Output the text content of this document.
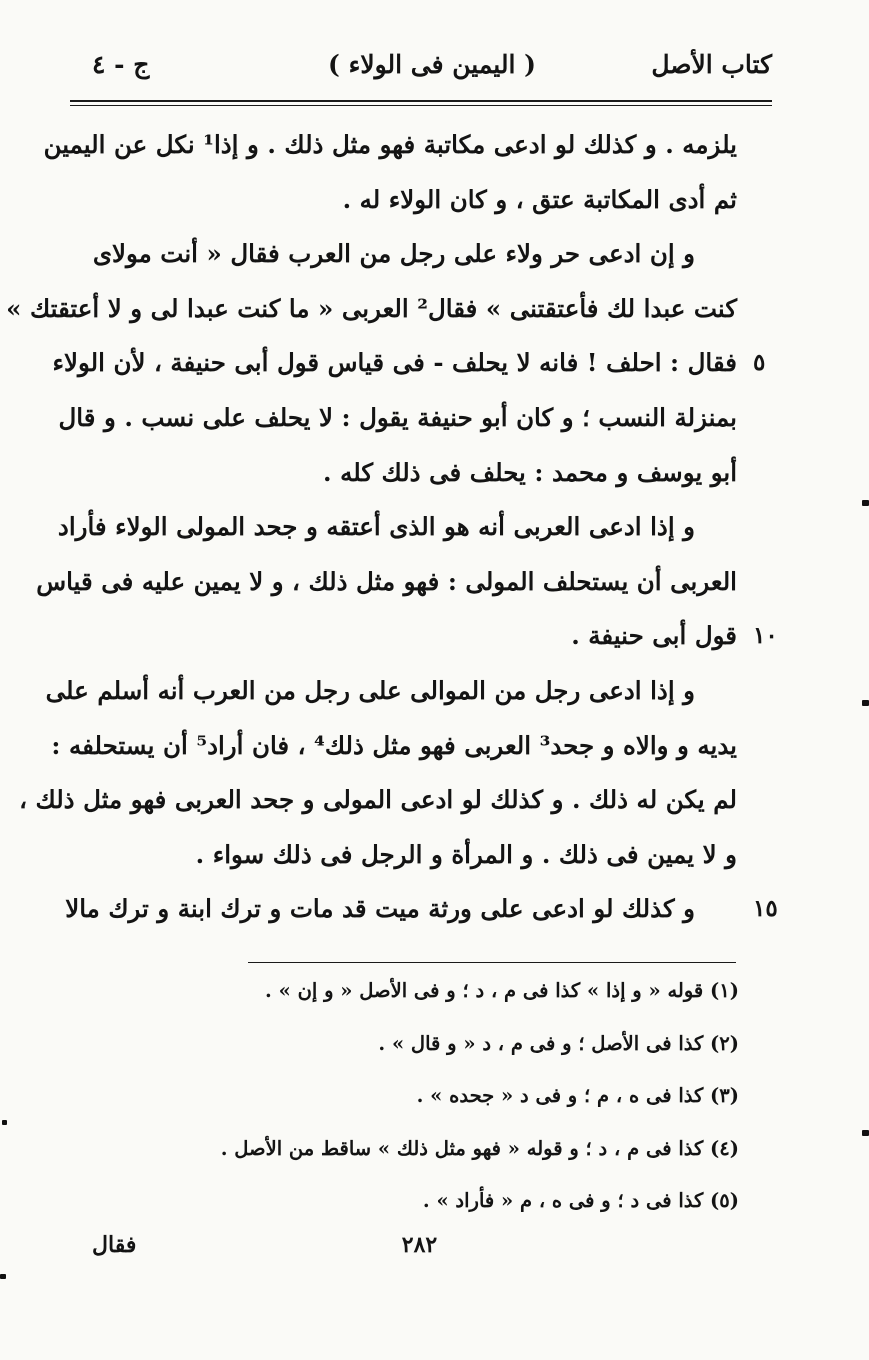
كتاب الأصل
( اليمين فى الولاء )
ج - ٤
يلزمه . و كذلك لو ادعى مكاتبة فهو مثل ذلك . و إذا¹ نكل عن اليمين
ثم أدى المكاتبة عتق ، و كان الولاء له .
و إن ادعى حر ولاء على رجل من العرب فقال « أنت مولاى
كنت عبدا لك فأعتقتنى » فقال² العربى « ما كنت عبدا لى و لا أعتقتك »
٥
فقال : احلف ! فانه لا يحلف - فى قياس قول أبى حنيفة ، لأن الولاء
بمنزلة النسب ؛ و كان أبو حنيفة يقول : لا يحلف على نسب . و قال
أبو يوسف و محمد : يحلف فى ذلك كله .
و إذا ادعى العربى أنه هو الذى أعتقه و جحد المولى الولاء فأراد
العربى أن يستحلف المولى : فهو مثل ذلك ، و لا يمين عليه فى قياس
١٠
قول أبى حنيفة .
و إذا ادعى رجل من الموالى على رجل من العرب أنه أسلم على
يديه و والاه و جحد³ العربى فهو مثل ذلك⁴ ، فان أراد⁵ أن يستحلفه :
لم يكن له ذلك . و كذلك لو ادعى المولى و جحد العربى فهو مثل ذلك ،
و لا يمين فى ذلك . و المرأة و الرجل فى ذلك سواء .
١٥
و كذلك لو ادعى على ورثة ميت قد مات و ترك ابنة و ترك مالا
(١) قوله « و إذا » كذا فى م ، د ؛ و فى الأصل « و إن » .
(٢) كذا فى الأصل ؛ و فى م ، د « و قال » .
(٣) كذا فى ه ، م ؛ و فى د « جحده » .
(٤) كذا فى م ، د ؛ و قوله « فهو مثل ذلك » ساقط من الأصل .
(٥) كذا فى د ؛ و فى ه ، م « فأراد » .
٢٨٢
فقال
